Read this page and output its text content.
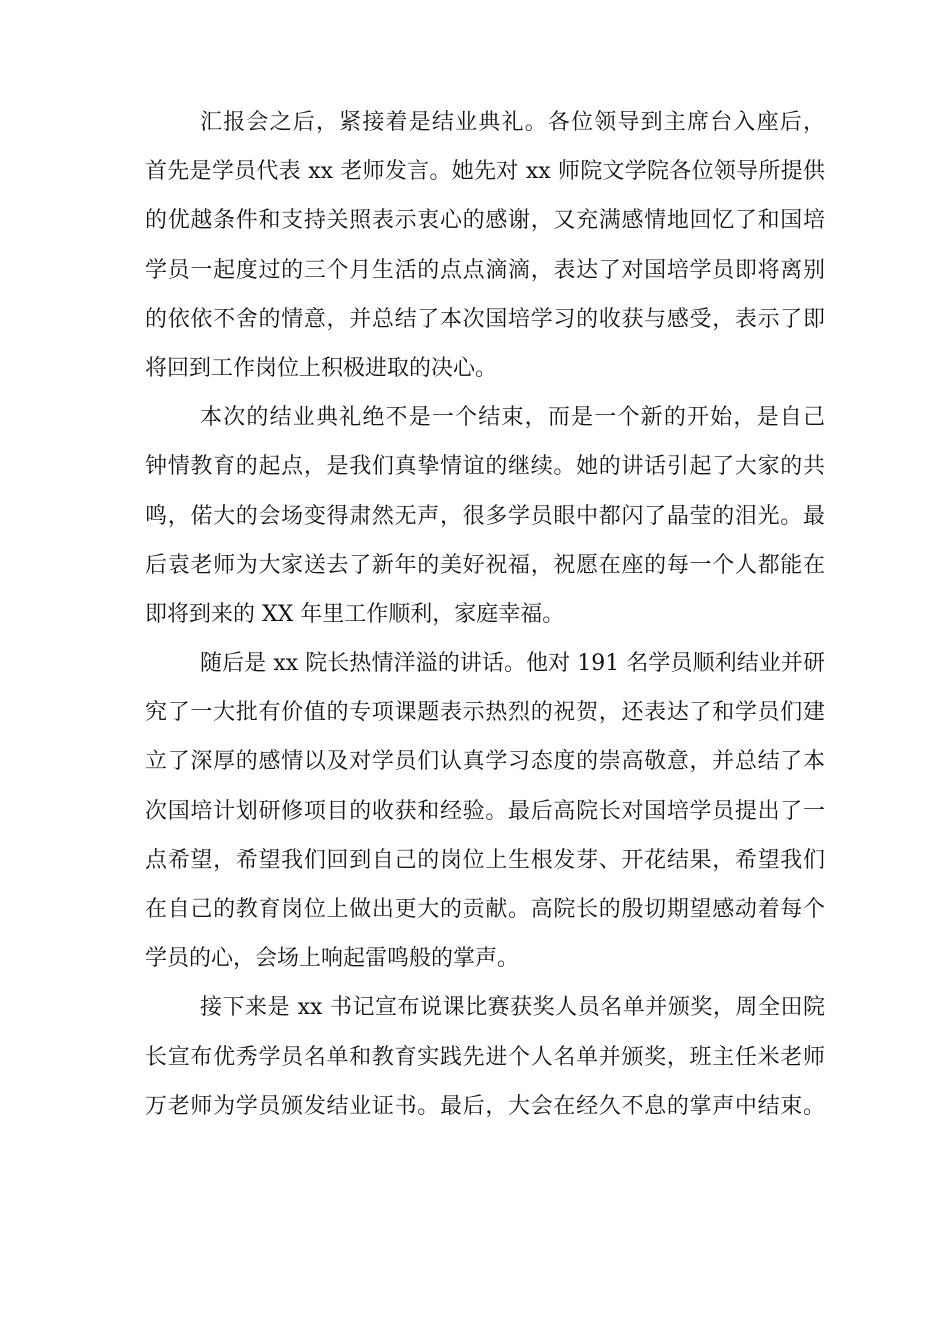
汇报会之后，紧接着是结业典礼。各位领导到主席台入座后，
首先是学员代表 xx 老师发言。她先对 xx 师院文学院各位领导所提供
的优越条件和支持关照表示衷心的感谢，又充满感情地回忆了和国培
学员一起度过的三个月生活的点点滴滴，表达了对国培学员即将离别
的依依不舍的情意，并总结了本次国培学习的收获与感受，表示了即
将回到工作岗位上积极进取的决心。
本次的结业典礼绝不是一个结束，而是一个新的开始，是自己
钟情教育的起点，是我们真挚情谊的继续。她的讲话引起了大家的共
鸣，偌大的会场变得肃然无声，很多学员眼中都闪了晶莹的泪光。最
后袁老师为大家送去了新年的美好祝福，祝愿在座的每一个人都能在
即将到来的 XX 年里工作顺利，家庭幸福。
随后是 xx 院长热情洋溢的讲话。他对 191 名学员顺利结业并研
究了一大批有价值的专项课题表示热烈的祝贺，还表达了和学员们建
立了深厚的感情以及对学员们认真学习态度的崇高敬意，并总结了本
次国培计划研修项目的收获和经验。最后高院长对国培学员提出了一
点希望，希望我们回到自己的岗位上生根发芽、开花结果，希望我们
在自己的教育岗位上做出更大的贡献。高院长的殷切期望感动着每个
学员的心，会场上响起雷鸣般的掌声。
接下来是 xx 书记宣布说课比赛获奖人员名单并颁奖，周全田院
长宣布优秀学员名单和教育实践先进个人名单并颁奖，班主任米老师
万老师为学员颁发结业证书。最后，大会在经久不息的掌声中结束。
